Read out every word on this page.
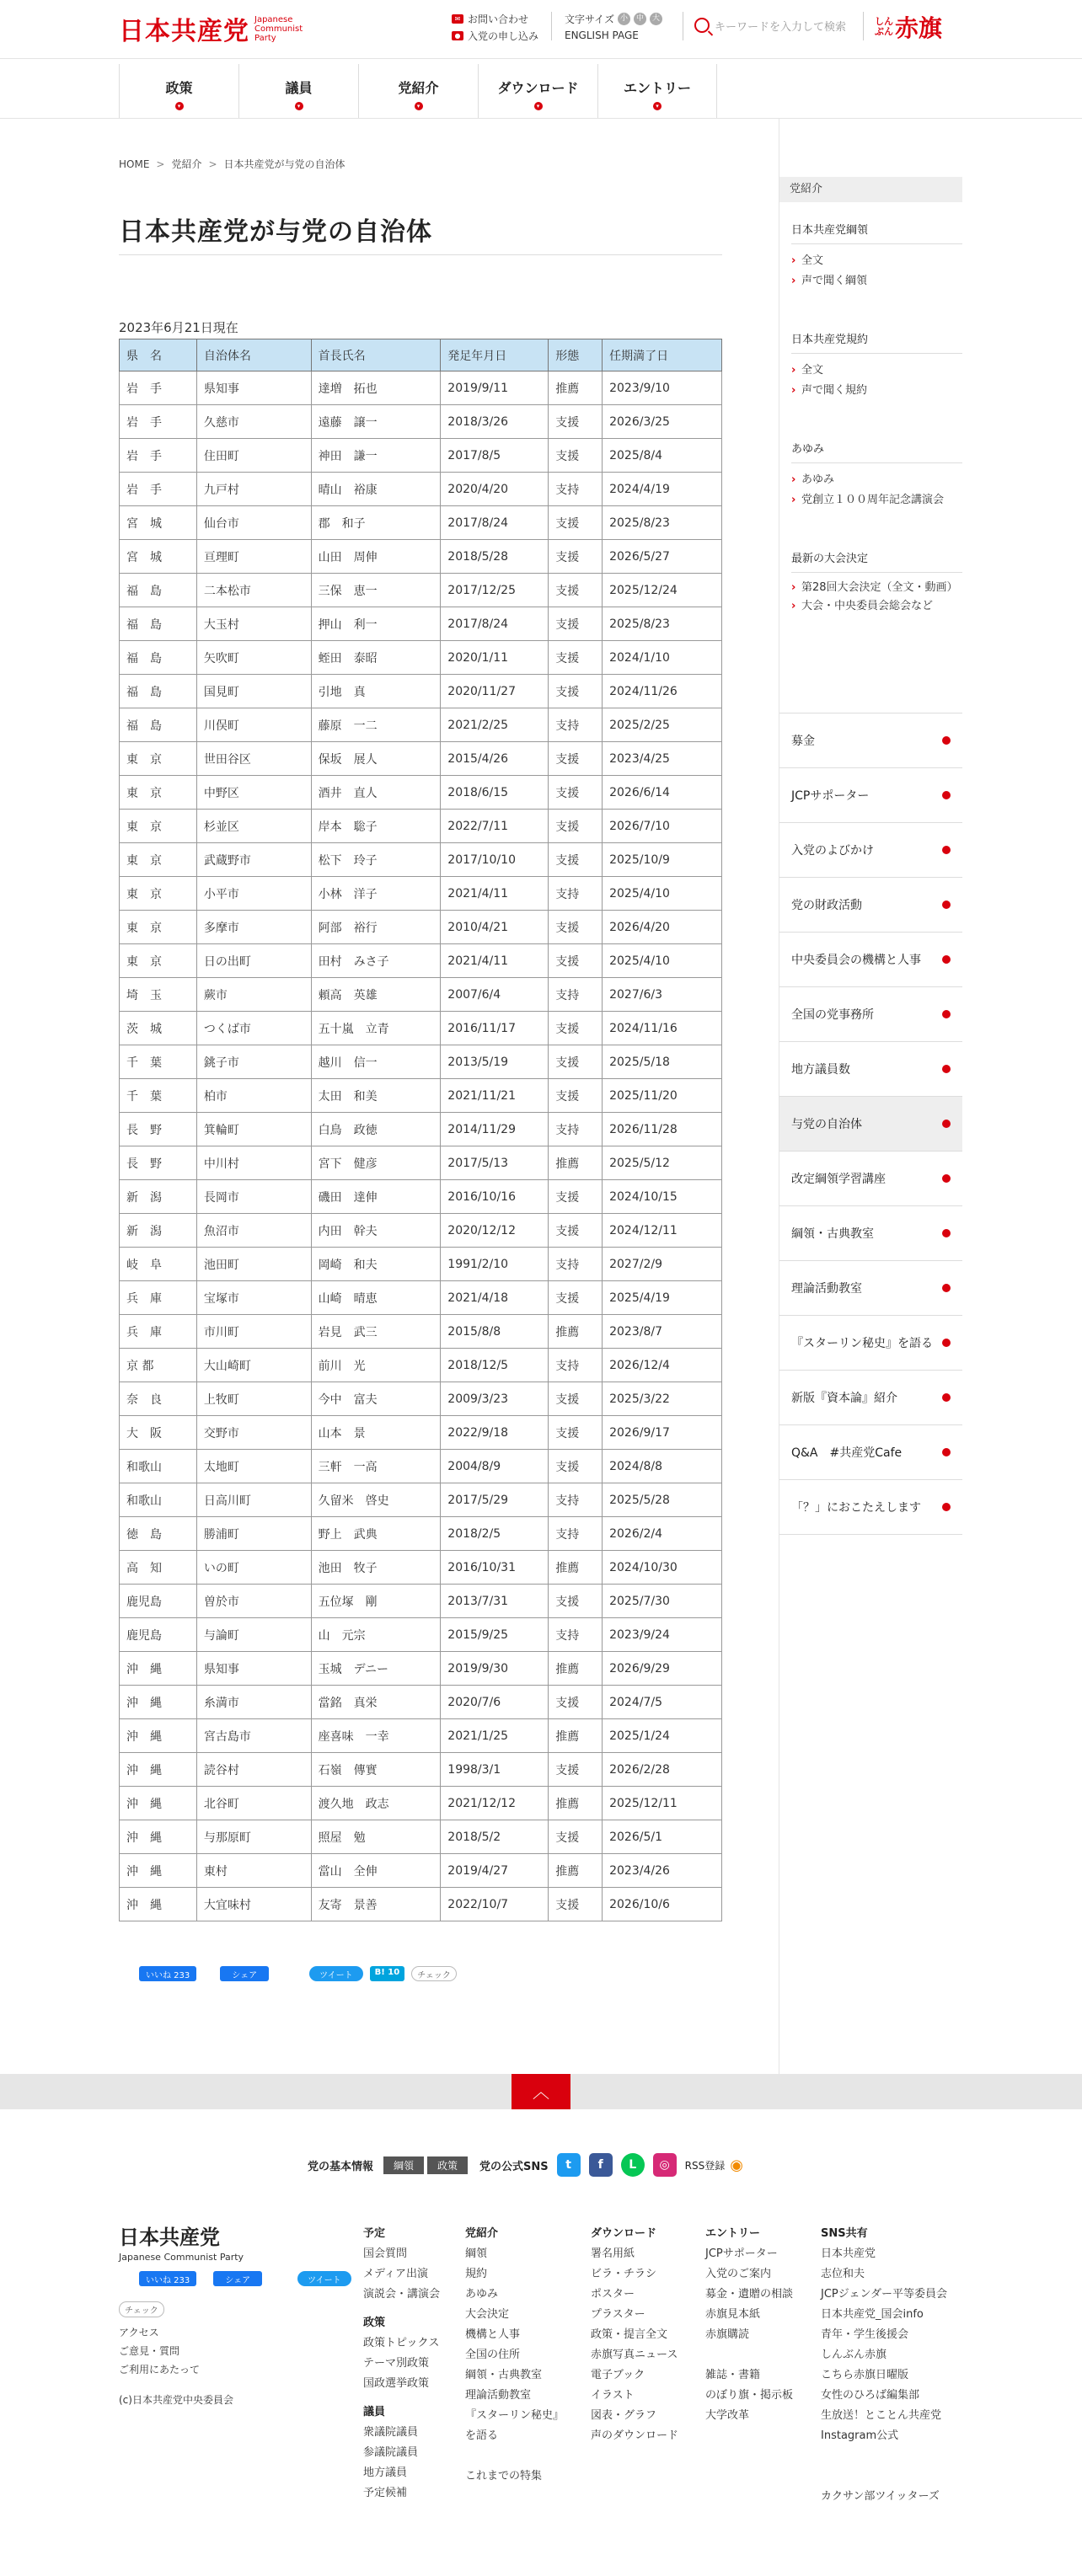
日本共産党 Japanese
Communist
Party
✉ お問い合わせ
● 入党の申し込み
文字サイズ 小	中	大
ENGLISH PAGE
キーワードを入力して検索	しんぶん 赤旗
政策
▾
議員
▾
党紹介
▾
ダウンロード
▾
エントリー
▾
HOME > 党紹介 > 日本共産党が与党の自治体
日本共産党が与党の自治体
2023年6月21日現在
県　名	自治体名	首長氏名	発足年月日	形態	任期満了日
岩　手	県知事	達増　拓也	2019/9/11	推薦	2023/9/10
岩　手	久慈市	遠藤　譲一	2018/3/26	支援	2026/3/25
岩　手	住田町	神田　謙一	2017/8/5	支援	2025/8/4
岩　手	九戸村	晴山　裕康	2020/4/20	支持	2024/4/19
宮　城	仙台市	郡　和子	2017/8/24	支援	2025/8/23
宮　城	亘理町	山田　周伸	2018/5/28	支援	2026/5/27
福　島	二本松市	三保　恵一	2017/12/25	支援	2025/12/24
福　島	大玉村	押山　利一	2017/8/24	支援	2025/8/23
福　島	矢吹町	蛭田　泰昭	2020/1/11	支援	2024/1/10
福　島	国見町	引地　真	2020/11/27	支援	2024/11/26
福　島	川俣町	藤原　一二	2021/2/25	支持	2025/2/25
東　京	世田谷区	保坂　展人	2015/4/26	支援	2023/4/25
東　京	中野区	酒井　直人	2018/6/15	支援	2026/6/14
東　京	杉並区	岸本　聡子	2022/7/11	支援	2026/7/10
東　京	武蔵野市	松下　玲子	2017/10/10	支援	2025/10/9
東　京	小平市	小林　洋子	2021/4/11	支持	2025/4/10
東　京	多摩市	阿部　裕行	2010/4/21	支援	2026/4/20
東　京	日の出町	田村　みさ子	2021/4/11	支援	2025/4/10
埼　玉	蕨市	頼高　英雄	2007/6/4	支持	2027/6/3
茨　城	つくば市	五十嵐　立青	2016/11/17	支援	2024/11/16
千　葉	銚子市	越川　信一	2013/5/19	支援	2025/5/18
千　葉	柏市	太田　和美	2021/11/21	支援	2025/11/20
長　野	箕輪町	白鳥　政徳	2014/11/29	支持	2026/11/28
長　野	中川村	宮下　健彦	2017/5/13	推薦	2025/5/12
新　潟	長岡市	磯田　達伸	2016/10/16	支援	2024/10/15
新　潟	魚沼市	内田　幹夫	2020/12/12	支援	2024/12/11
岐　阜	池田町	岡崎　和夫	1991/2/10	支持	2027/2/9
兵　庫	宝塚市	山崎　晴恵	2021/4/18	支援	2025/4/19
兵　庫	市川町	岩見　武三	2015/8/8	推薦	2023/8/7
京 都	大山崎町	前川　光	2018/12/5	支持	2026/12/4
奈　良	上牧町	今中　富夫	2009/3/23	支援	2025/3/22
大　阪	交野市	山本　景	2022/9/18	支援	2026/9/17
和歌山	太地町	三軒　一高	2004/8/9	支援	2024/8/8
和歌山	日高川町	久留米　啓史	2017/5/29	支持	2025/5/28
徳　島	勝浦町	野上　武典	2018/2/5	支持	2026/2/4
高　知	いの町	池田　牧子	2016/10/31	推薦	2024/10/30
鹿児島	曽於市	五位塚　剛	2013/7/31	支援	2025/7/30
鹿児島	与論町	山　元宗	2015/9/25	支持	2023/9/24
沖　縄	県知事	玉城　デニー	2019/9/30	推薦	2026/9/29
沖　縄	糸満市	當銘　真栄	2020/7/6	支援	2024/7/5
沖　縄	宮古島市	座喜味　一幸	2021/1/25	推薦	2025/1/24
沖　縄	読谷村	石嶺　傳實	1998/3/1	支援	2026/2/28
沖　縄	北谷町	渡久地　政志	2021/12/12	推薦	2025/12/11
沖　縄	与那原町	照屋　勉	2018/5/2	支援	2026/5/1
沖　縄	東村	當山　全伸	2019/4/27	推薦	2023/4/26
沖　縄	大宜味村	友寄　景善	2022/10/7	支援	2026/10/6
いいね 233	シェア	ツイート	B! 10	チェック
党紹介
日本共産党綱領
› 全文
› 声で聞く綱領
日本共産党規約
› 全文
› 声で聞く規約
あゆみ
› あゆみ
› 党創立１００周年記念講演会
最新の大会決定
› 第28回大会決定（全文・動画）
› 大会・中央委員会総会など
募金
JCPサポーター
入党のよびかけ
党の財政活動
中央委員会の機構と人事
全国の党事務所
地方議員数
与党の自治体
改定綱領学習講座
綱領・古典教室
理論活動教室
『スターリン秘史』を語る
新版『資本論』紹介
Q&A　#共産党Cafe
「？」におこたえします
︿
党の基本情報	綱領	政策	党の公式SNS	t	f	L	◎	RSS登録 ◉
日本共産党
Japanese Communist Party
いいね 233	シェア	ツイート
チェック
アクセス
ご意見・質問
ご利用にあたって
(c)日本共産党中央委員会
予定
国会質問
メディア出演
演説会・講演会
政策
政策トピックス
テーマ別政策
国政選挙政策
議員
衆議院議員
参議院議員
地方議員
予定候補
党紹介
綱領
規約
あゆみ
大会決定
機構と人事
全国の住所
綱領・古典教室
理論活動教室
『スターリン秘史』
を語る

これまでの特集
ダウンロード
署名用紙
ビラ・チラシ
ポスター
プラスター
政策・提言全文
赤旗写真ニュース
電子ブック
イラスト
図表・グラフ
声のダウンロード
エントリー
JCPサポーター
入党のご案内
募金・遺贈の相談
赤旗見本紙
赤旗購読

雑誌・書籍
のぼり旗・掲示板
大学改革
SNS共有
日本共産党
志位和夫
JCPジェンダー平等委員会
日本共産党_国会info
青年・学生後援会
しんぶん赤旗
こちら赤旗日曜版
女性のひろば編集部
生放送！とことん共産党
Instagram公式

カクサン部ツイッターズ
